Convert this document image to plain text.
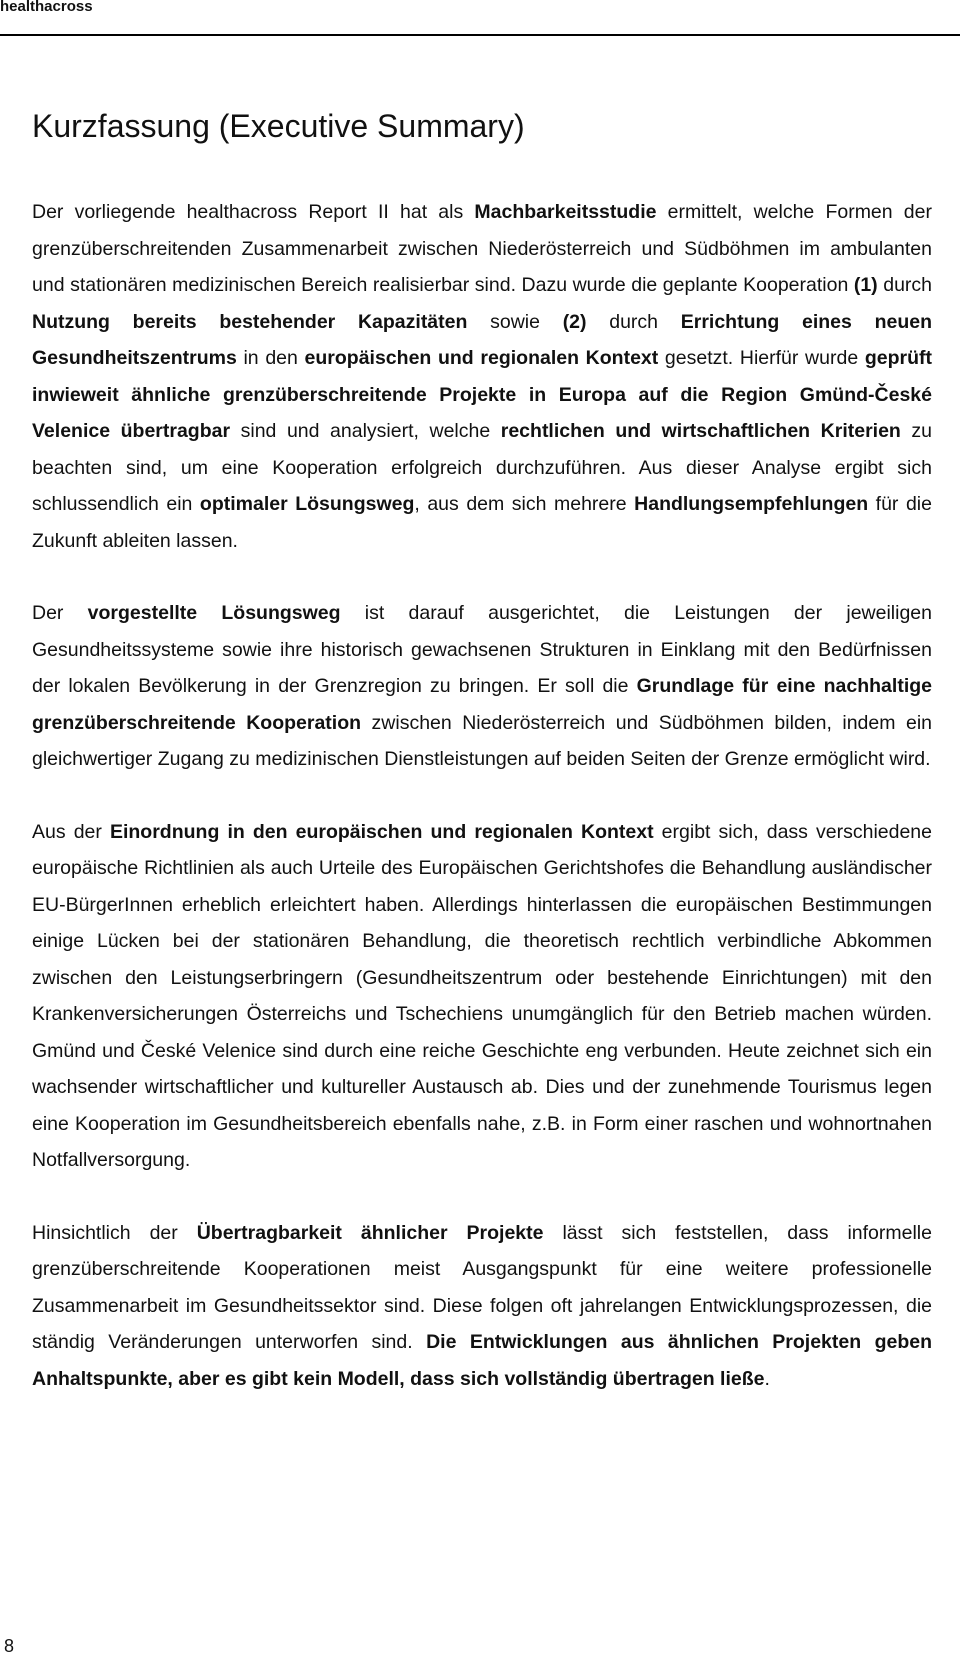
healthacross
Kurzfassung (Executive Summary)

Der vorliegende healthacross Report II hat als Machbarkeitsstudie ermittelt, welche Formen der grenzüberschreitenden Zusammenarbeit zwischen Niederösterreich und Südböhmen im ambulanten und stationären medizinischen Bereich realisierbar sind. Dazu wurde die geplante Kooperation (1) durch Nutzung bereits bestehender Kapazitäten sowie (2) durch Errichtung eines neuen Gesundheitszentrums in den europäischen und regionalen Kontext gesetzt. Hierfür wurde geprüft inwieweit ähnliche grenzüberschreitende Projekte in Europa auf die Region Gmünd-České Velenice übertragbar sind und analysiert, welche rechtlichen und wirtschaftlichen Kriterien zu beachten sind, um eine Kooperation erfolgreich durchzuführen. Aus dieser Analyse ergibt sich schlussendlich ein optimaler Lösungsweg, aus dem sich mehrere Handlungsempfehlungen für die Zukunft ableiten lassen.

Der vorgestellte Lösungsweg ist darauf ausgerichtet, die Leistungen der jeweiligen Gesundheitssysteme sowie ihre historisch gewachsenen Strukturen in Einklang mit den Bedürfnissen der lokalen Bevölkerung in der Grenzregion zu bringen. Er soll die Grundlage für eine nachhaltige grenzüberschreitende Kooperation zwischen Niederösterreich und Südböhmen bilden, indem ein gleichwertiger Zugang zu medizinischen Dienstleistungen auf beiden Seiten der Grenze ermöglicht wird.

Aus der Einordnung in den europäischen und regionalen Kontext ergibt sich, dass verschiedene europäische Richtlinien als auch Urteile des Europäischen Gerichtshofes die Behandlung ausländischer EU-BürgerInnen erheblich erleichtert haben. Allerdings hinterlassen die europäischen Bestimmungen einige Lücken bei der stationären Behandlung, die theoretisch rechtlich verbindliche Abkommen zwischen den Leistungserbringern (Gesundheitszentrum oder bestehende Einrichtungen) mit den Krankenversicherungen Österreichs und Tschechiens unumgänglich für den Betrieb machen würden. Gmünd und České Velenice sind durch eine reiche Geschichte eng verbunden. Heute zeichnet sich ein wachsender wirtschaftlicher und kultureller Austausch ab. Dies und der zunehmende Tourismus legen eine Kooperation im Gesundheitsbereich ebenfalls nahe, z.B. in Form einer raschen und wohnortnahen Notfallversorgung.

Hinsichtlich der Übertragbarkeit ähnlicher Projekte lässt sich feststellen, dass informelle grenzüberschreitende Kooperationen meist Ausgangspunkt für eine weitere professionelle Zusammenarbeit im Gesundheitssektor sind. Diese folgen oft jahrelangen Entwicklungsprozessen, die ständig Veränderungen unterworfen sind. Die Entwicklungen aus ähnlichen Projekten geben Anhaltspunkte, aber es gibt kein Modell, dass sich vollständig übertragen ließe.

8
